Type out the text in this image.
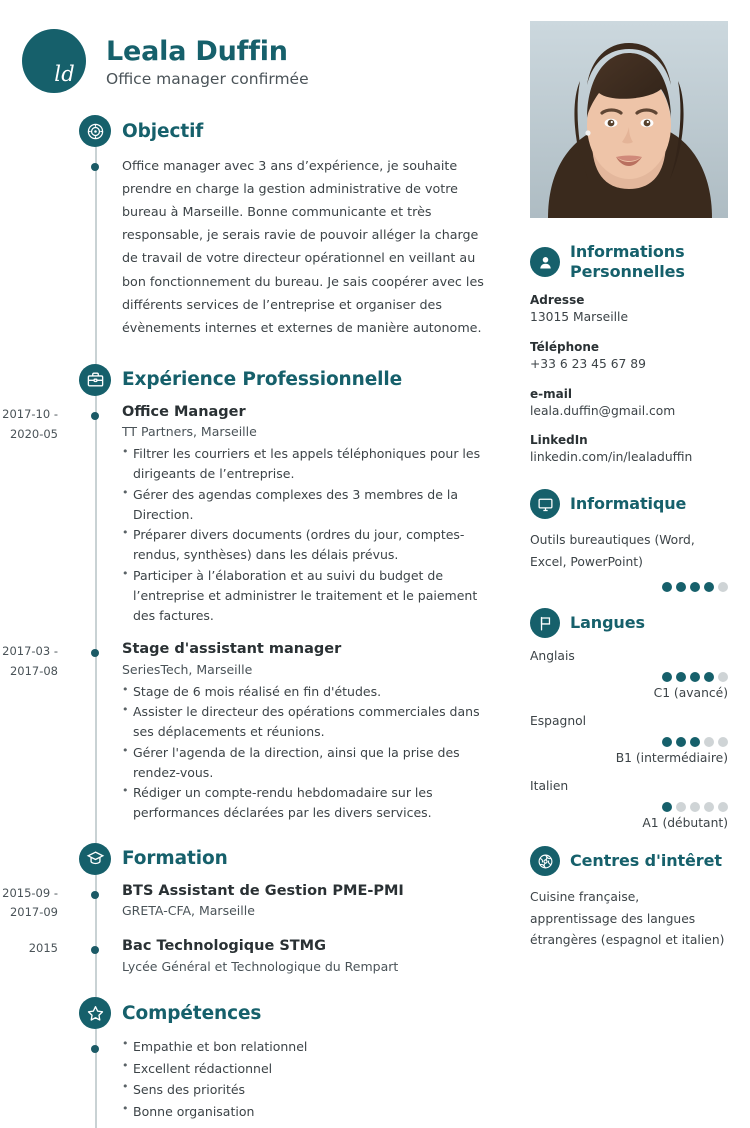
ld
Leala Duffin
Office manager confirmée
Objectif
Office manager avec 3 ans d’expérience, je souhaite prendre en charge la gestion administrative de votre bureau à Marseille. Bonne communicante et très responsable, je serais ravie de pouvoir alléger la charge de travail de votre directeur opérationnel en veillant au bon fonctionnement du bureau. Je sais coopérer avec les différents services de l’entreprise et organiser des évènements internes et externes de manière autonome.
Expérience Professionnelle
2017-10 -
2020-05
Office Manager
TT Partners, Marseille
• Filtrer les courriers et les appels téléphoniques pour les dirigeants de l’entreprise.
• Gérer des agendas complexes des 3 membres de la Direction.
• Préparer divers documents (ordres du jour, comptes-rendus, synthèses) dans les délais prévus.
• Participer à l’élaboration et au suivi du budget de l’entreprise et administrer le traitement et le paiement des factures.
2017-03 -
2017-08
Stage d'assistant manager
SeriesTech, Marseille
• Stage de 6 mois réalisé en fin d'études.
• Assister le directeur des opérations commerciales dans ses déplacements et réunions.
• Gérer l'agenda de la direction, ainsi que la prise des rendez-vous.
• Rédiger un compte-rendu hebdomadaire sur les performances déclarées par les divers services.
Formation
2015-09 -
2017-09
BTS Assistant de Gestion PME-PMI
GRETA-CFA, Marseille
2015	Bac Technologique STMG
Lycée Général et Technologique du Rempart
Compétences
• Empathie et bon relationnel
• Excellent rédactionnel
• Sens des priorités
• Bonne organisation
Informations Personnelles
Adresse
13015 Marseille
Téléphone
+33 6 23 45 67 89
e-mail
leala.duffin@gmail.com
LinkedIn
linkedin.com/in/lealaduffin
Informatique
Outils bureautiques (Word, Excel, PowerPoint)
Langues
Anglais
C1 (avancé)
Espagnol
B1 (intermédiaire)
Italien
A1 (débutant)
Centres d'intêret
Cuisine française, apprentissage des langues étrangères (espagnol et italien)
